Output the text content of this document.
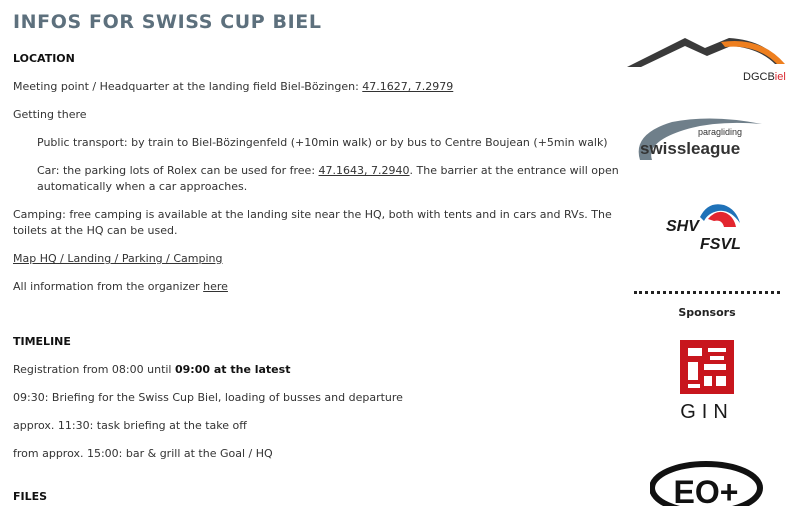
INFOS FOR SWISS CUP BIEL
LOCATION
Meeting point / Headquarter at the landing field Biel-Bözingen: 47.1627, 7.2979
Getting there
Public transport: by train to Biel-Bözingenfeld (+10min walk) or by bus to Centre Boujean (+5min walk)
Car: the parking lots of Rolex can be used for free: 47.1643, 7.2940. The barrier at the entrance will open
automatically when a car approaches.
Camping: free camping is available at the landing site near the HQ, both with tents and in cars and RVs. The
toilets at the HQ can be used.
Map HQ / Landing / Parking / Camping
All information from the organizer here
TIMELINE
Registration from 08:00 until 09:00 at the latest
09:30: Briefing for the Swiss Cup Biel, loading of busses and departure
approx. 11:30: task briefing at the take off
from approx. 15:00: bar & grill at the Goal / HQ
FILES
DGCBiel
paragliding
swissleague
SHV
FSVL
Sponsors
GIN
EO+
